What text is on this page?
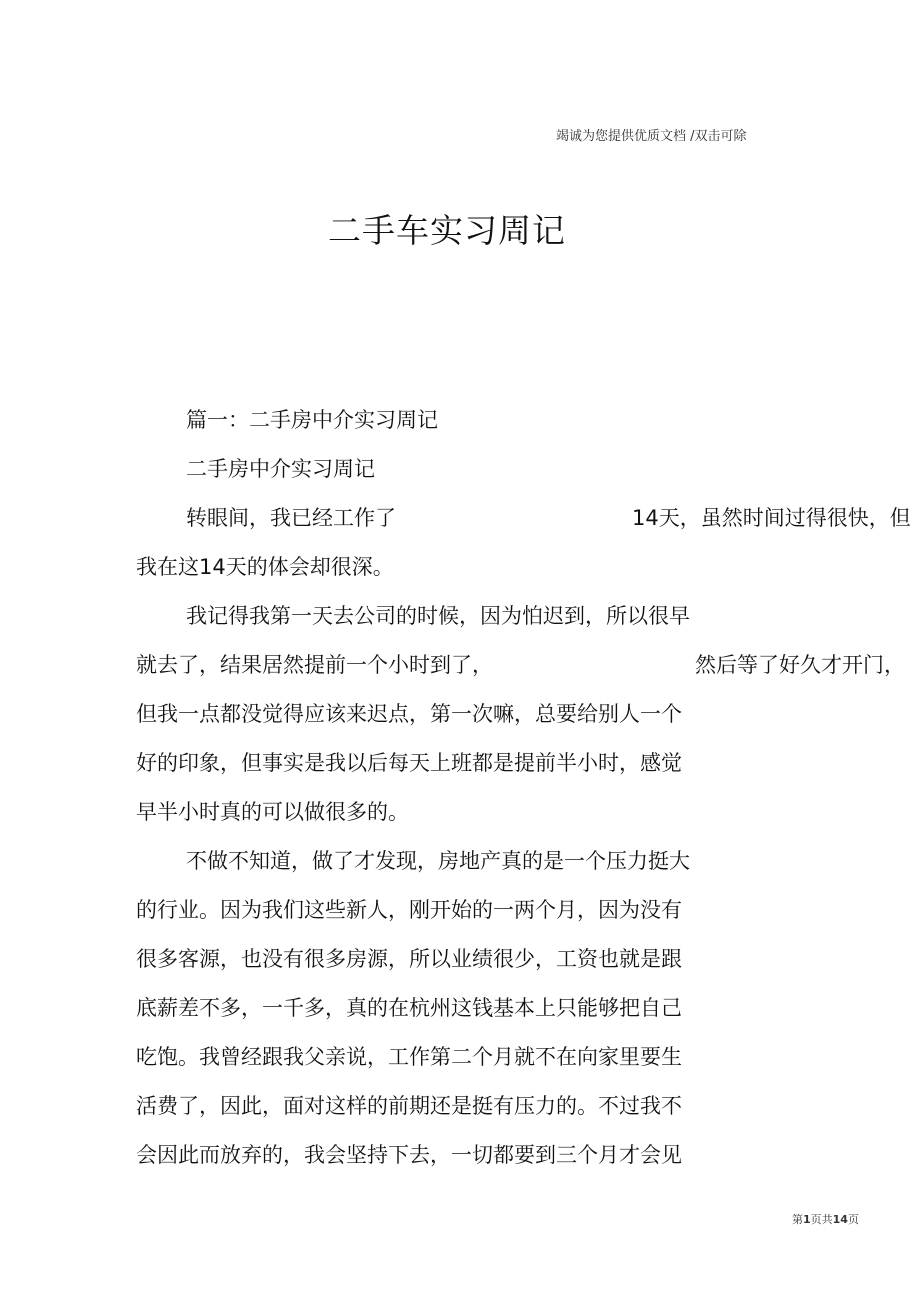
竭诚为您提供优质文档 /双击可除
二手车实习周记
篇一：二手房中介实习周记
二手房中介实习周记
转眼间，我已经工作了	14天，虽然时间过得很快，但
我在这14天的体会却很深。
我记得我第一天去公司的时候，因为怕迟到，所以很早
就去了，结果居然提前一个小时到了，	然后等了好久才开门，
但我一点都没觉得应该来迟点，第一次嘛，总要给别人一个
好的印象，但事实是我以后每天上班都是提前半小时，感觉
早半小时真的可以做很多的。
不做不知道，做了才发现，房地产真的是一个压力挺大
的行业。因为我们这些新人，刚开始的一两个月，因为没有
很多客源，也没有很多房源，所以业绩很少，工资也就是跟
底薪差不多，一千多，真的在杭州这钱基本上只能够把自己
吃饱。我曾经跟我父亲说，工作第二个月就不在向家里要生
活费了，因此，面对这样的前期还是挺有压力的。不过我不
会因此而放弃的，我会坚持下去，一切都要到三个月才会见
第1页共14页
